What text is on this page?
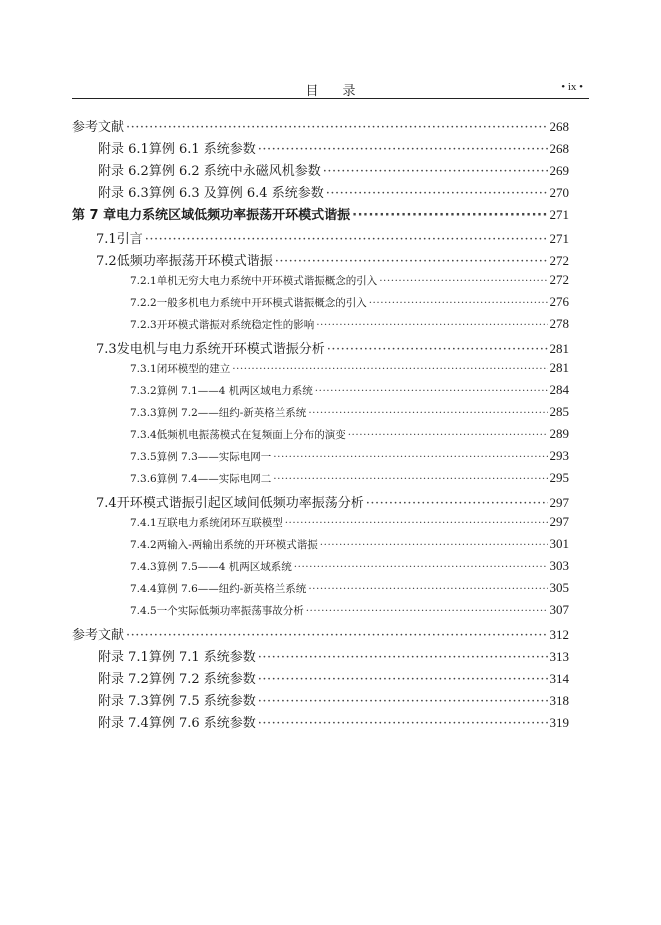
目录	• ix •
参考文献 ·····	268
附录 6.1 算例 6.1 系统参数 ·····	268
附录 6.2 算例 6.2 系统中永磁风机参数 ·····	269
附录 6.3 算例 6.3 及算例 6.4 系统参数 ·····	270
第 7 章 电力系统区域低频功率振荡开环模式谐振 ·····	271
7.1 引言 ·····	271
7.2 低频功率振荡开环模式谐振 ·····	272
7.2.1 单机无穷大电力系统中开环模式谐振概念的引入 ·····	272
7.2.2 一般多机电力系统中开环模式谐振概念的引入 ·····	276
7.2.3 开环模式谐振对系统稳定性的影响 ·····	278
7.3 发电机与电力系统开环模式谐振分析 ·····	281
7.3.1 闭环模型的建立 ·····	281
7.3.2 算例 7.1——4 机两区域电力系统 ·····	284
7.3.3 算例 7.2——纽约-新英格兰系统 ·····	285
7.3.4 低频机电振荡模式在复频面上分布的演变 ·····	289
7.3.5 算例 7.3——实际电网一 ·····	293
7.3.6 算例 7.4——实际电网二 ·····	295
7.4 开环模式谐振引起区域间低频功率振荡分析 ·····	297
7.4.1 互联电力系统闭环互联模型 ·····	297
7.4.2 两输入-两输出系统的开环模式谐振 ·····	301
7.4.3 算例 7.5——4 机两区域系统 ·····	303
7.4.4 算例 7.6——纽约-新英格兰系统 ·····	305
7.4.5 一个实际低频功率振荡事故分析 ·····	307
参考文献 ·····	312
附录 7.1 算例 7.1 系统参数 ·····	313
附录 7.2 算例 7.2 系统参数 ·····	314
附录 7.3 算例 7.5 系统参数 ·····	318
附录 7.4 算例 7.6 系统参数 ·····	319
